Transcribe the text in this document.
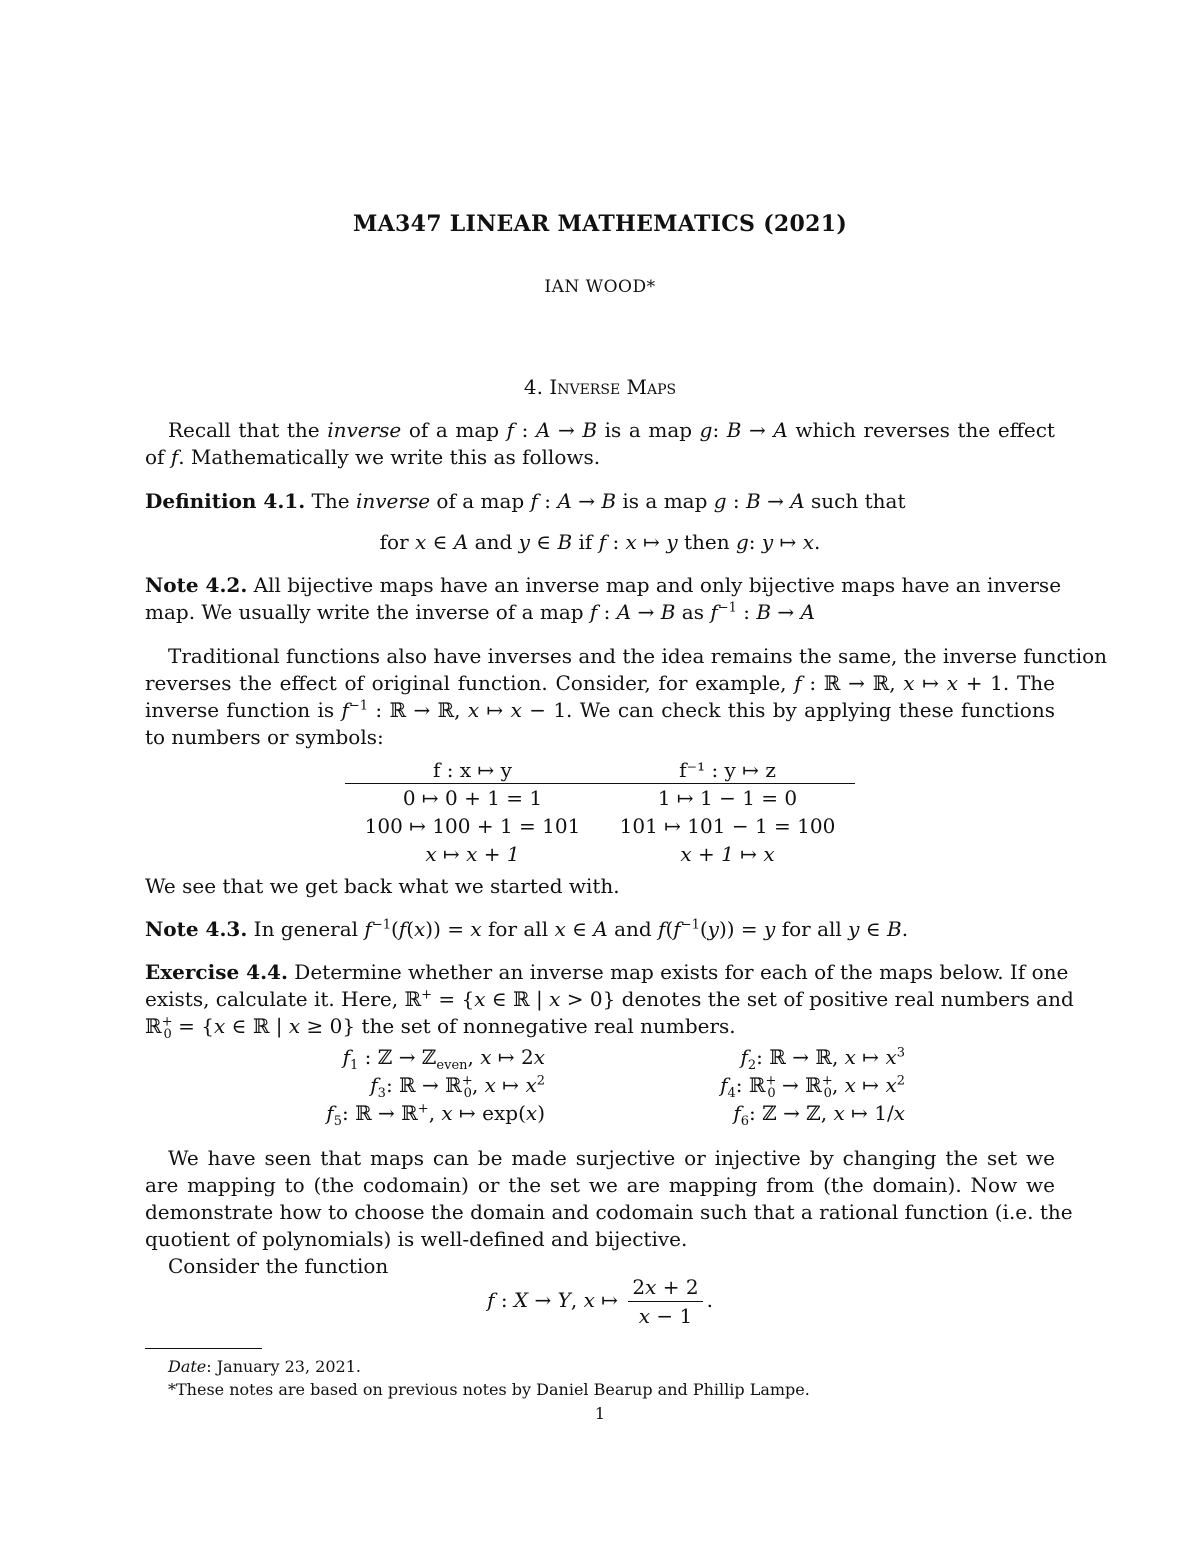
MA347 LINEAR MATHEMATICS (2021)
IAN WOOD*
4. Inverse Maps
Recall that the inverse of a map f : A → B is a map g: B → A which reverses the effect
of f. Mathematically we write this as follows.
Definition 4.1. The inverse of a map f : A → B is a map g : B → A such that
for x ∈ A and y ∈ B if f : x ↦ y then g: y ↦ x.
Note 4.2. All bijective maps have an inverse map and only bijective maps have an inverse
map. We usually write the inverse of a map f : A → B as $f^{-1}$ : B → A
Traditional functions also have inverses and the idea remains the same, the inverse function
reverses the effect of original function. Consider, for example, f : ℝ → ℝ, x ↦ x + 1. The
inverse function is $f^{-1}$ : ℝ → ℝ, x ↦ x − 1. We can check this by applying these functions
to numbers or symbols:
f : x ↦ y		f⁻¹ : y ↦ z
0 ↦ 0 + 1 = 1		1 ↦ 1 − 1 = 0
100 ↦ 100 + 1 = 101		101 ↦ 101 − 1 = 100
x ↦ x + 1		x + 1 ↦ x
We see that we get back what we started with.
Note 4.3. In general $f^{-1}(f(x)) = x$ for all x ∈ A and $f(f^{-1}(y)) = y$ for all y ∈ B.
Exercise 4.4. Determine whether an inverse map exists for each of the maps below. If one
exists, calculate it. Here, ℝ+ = {x ∈ ℝ | x > 0} denotes the set of positive real numbers and
ℝ+$_0$ = {x ∈ ℝ | x ≥ 0} the set of nonnegative real numbers.
$f_1$ : ℤ → ℤ$_{even}$, x ↦ 2x	$f_2$: ℝ → ℝ, x ↦ $x^3$
$f_3$: ℝ → ℝ+$_0$, x ↦ $x^2$	$f_4$: ℝ+$_0$ → ℝ+$_0$, x ↦ $x^2$
$f_5$: ℝ → ℝ+, x ↦ exp(x)	$f_6$: ℤ → ℤ, x ↦ 1/x
We have seen that maps can be made surjective or injective by changing the set we
are mapping to (the codomain) or the set we are mapping from (the domain). Now we
demonstrate how to choose the domain and codomain such that a rational function (i.e. the
quotient of polynomials) is well-defined and bijective.
Consider the function
f : X → Y, x ↦ $\frac{2x + 2}{x - 1}$ .
Date: January 23, 2021.
*These notes are based on previous notes by Daniel Bearup and Phillip Lampe.
1
